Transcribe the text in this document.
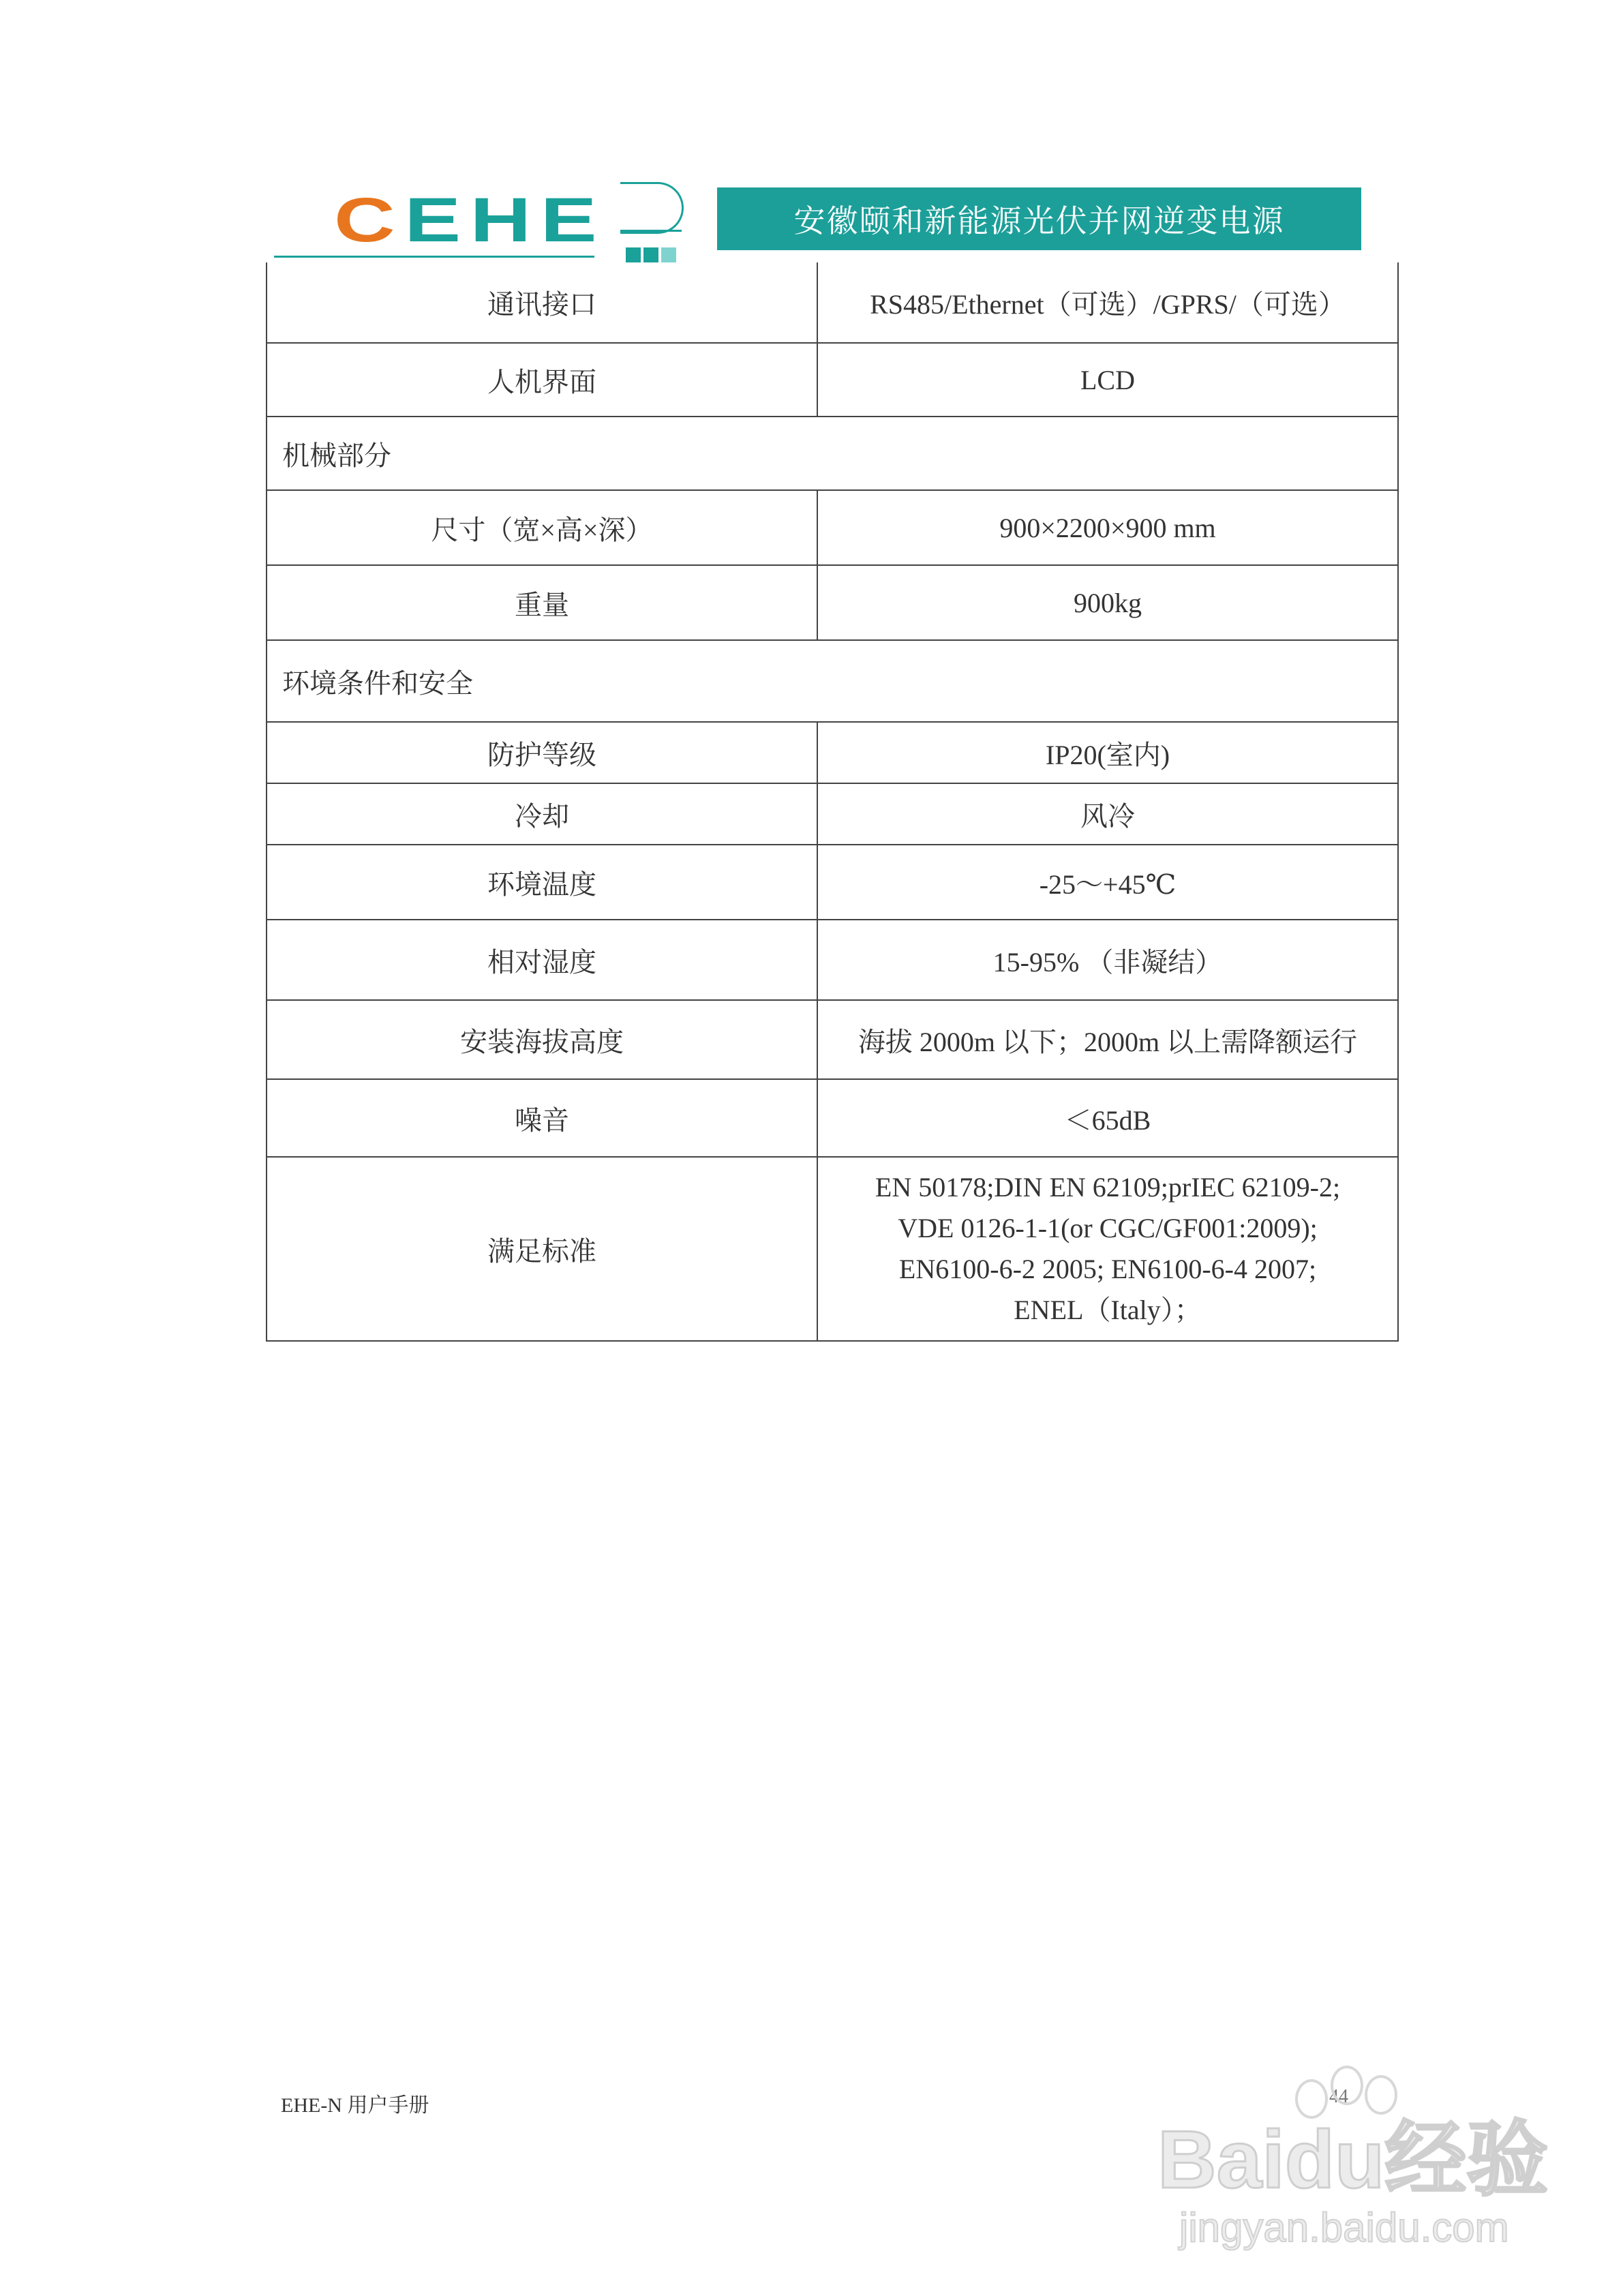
CEHE	安徽颐和新能源光伏并网逆变电源
通讯接口	RS485/Ethernet（可选）/GPRS/（可选）
人机界面	LCD
机械部分	
尺寸（宽×高×深）	900×2200×900 mm
重量	900kg
环境条件和安全	
防护等级	IP20(室内)
冷却	风冷
环境温度	-25～+45℃
相对湿度	15-95% （非凝结）
安装海拔高度	海拔 2000m 以下；2000m 以上需降额运行
噪音	＜65dB
满足标准	EN 50178;DIN EN 62109;prIEC 62109-2;
VDE 0126-1-1(or CGC/GF001:2009);
EN6100-6-2 2005; EN6100-6-4 2007;
ENEL（Italy）；
EHE-N 用户手册	44
Baidu经验
jingyan.baidu.com
